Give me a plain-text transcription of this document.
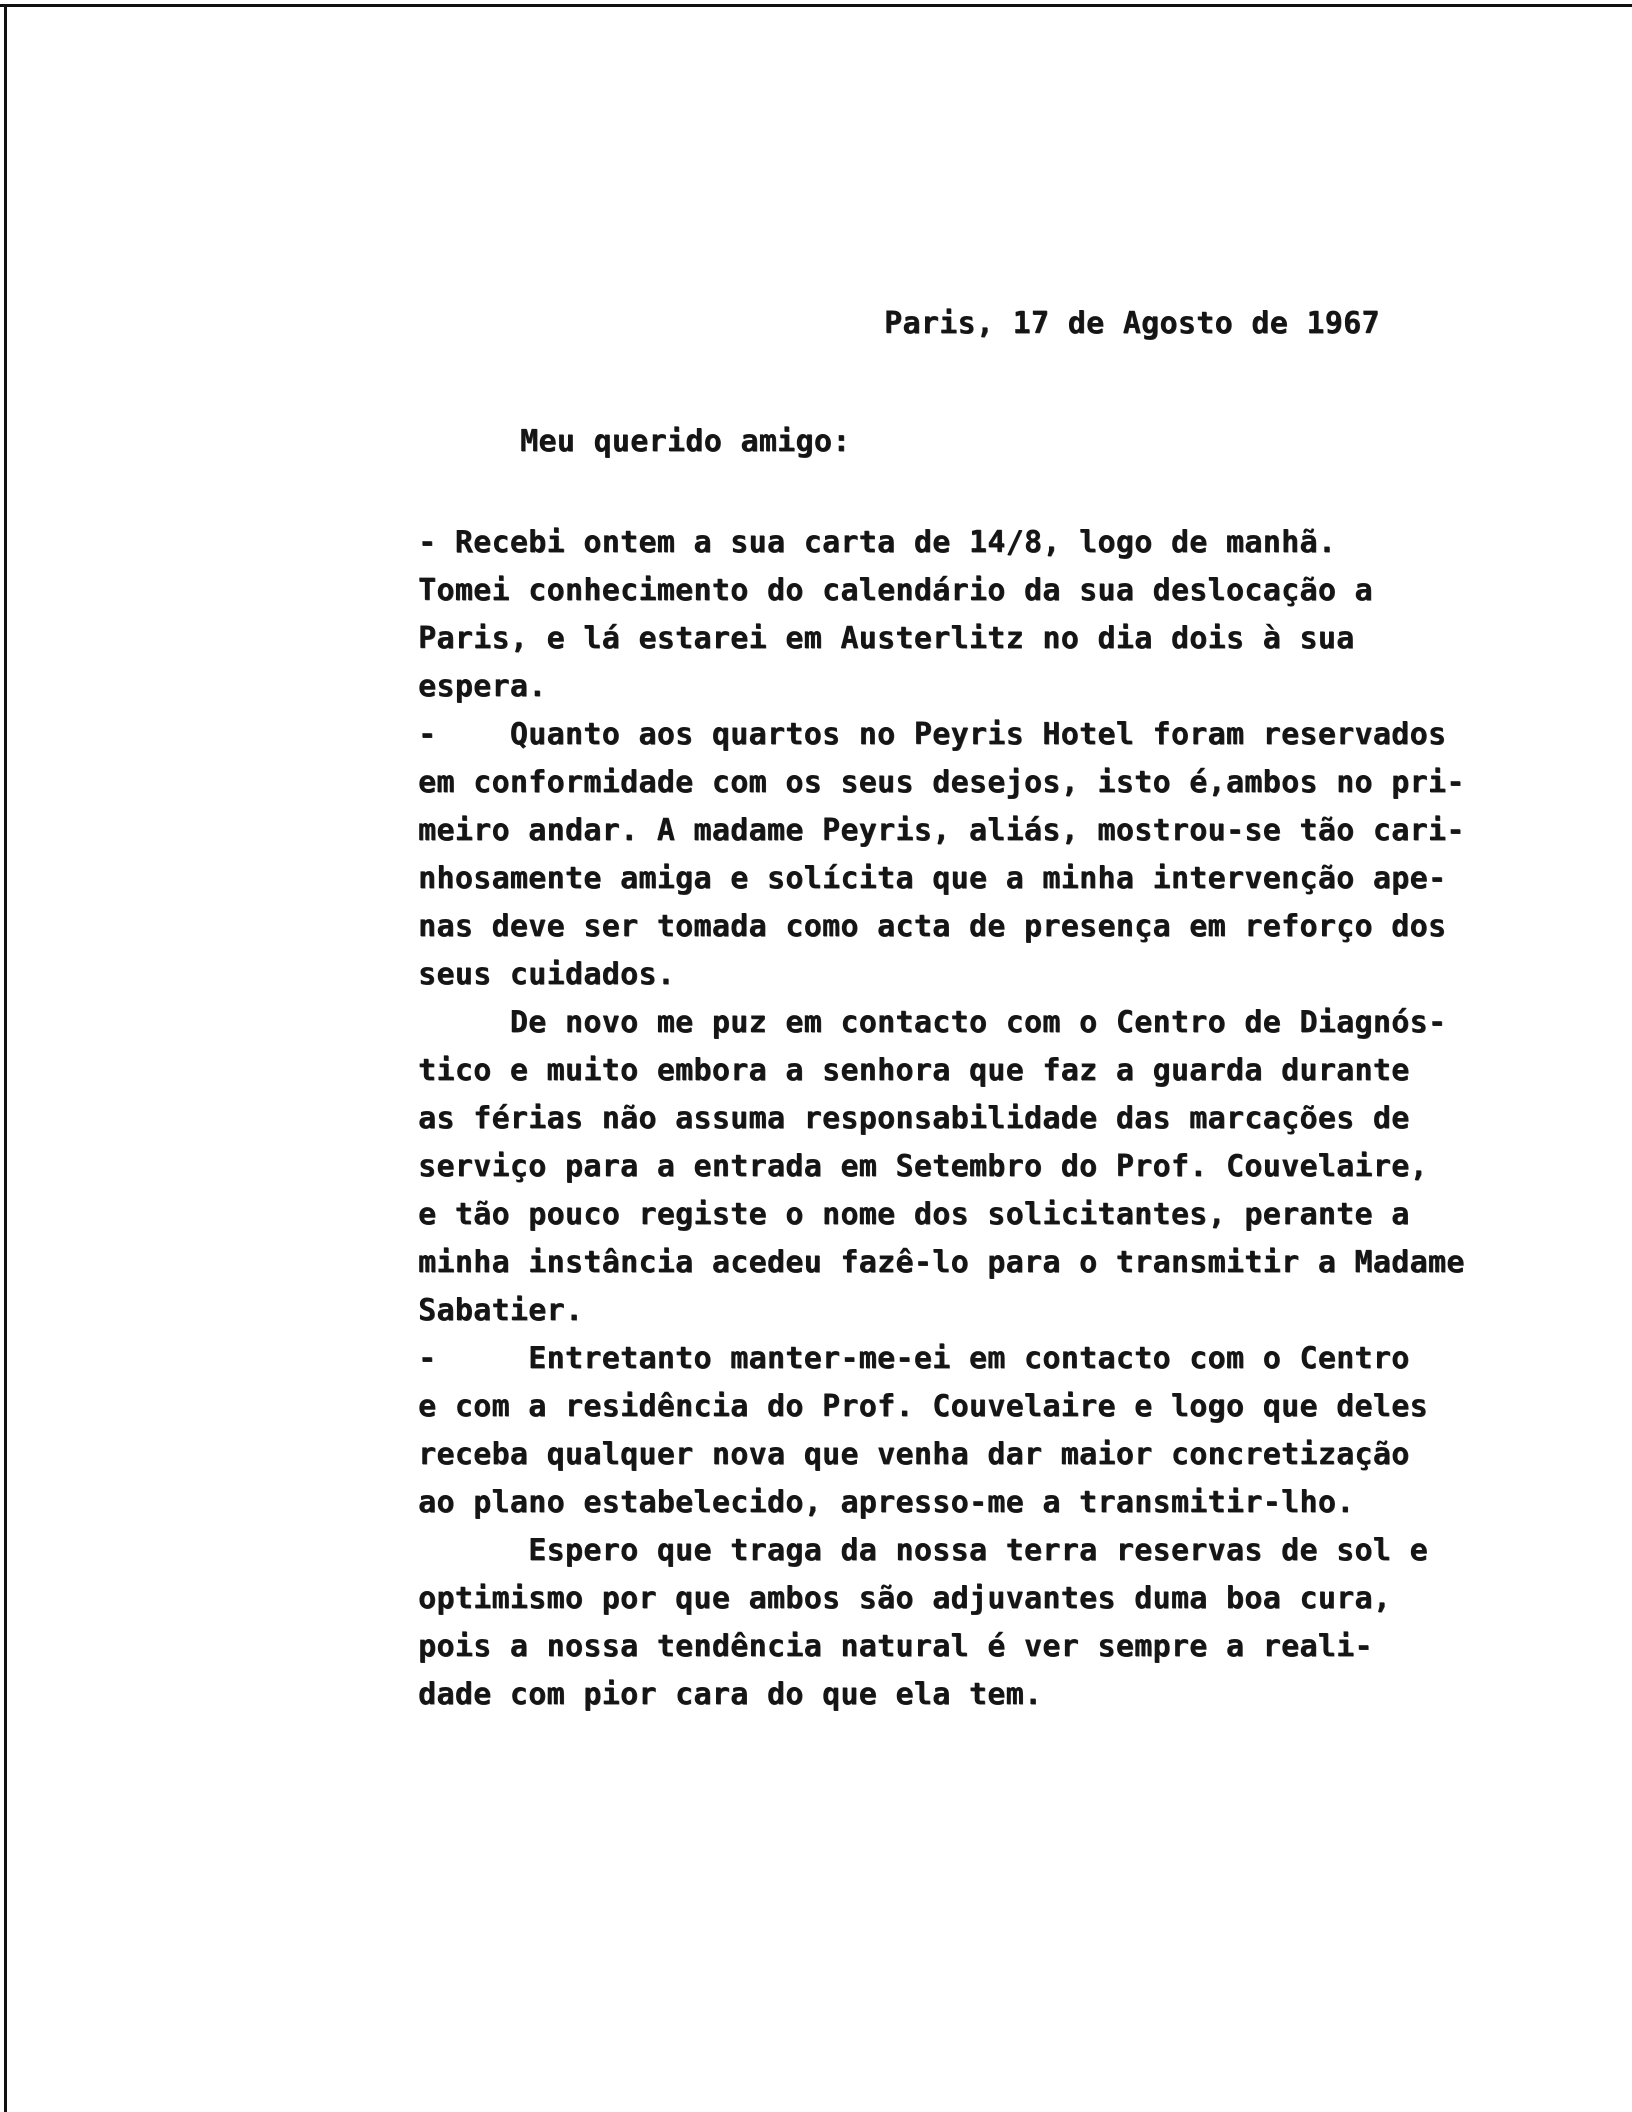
Paris, 17 de Agosto de 1967
Meu querido amigo:
- Recebi ontem a sua carta de 14/8, logo de manhã.
Tomei conhecimento do calendário da sua deslocação a
Paris, e lá estarei em Austerlitz no dia dois à sua
espera.
-    Quanto aos quartos no Peyris Hotel foram reservados
em conformidade com os seus desejos, isto é,ambos no pri-
meiro andar. A madame Peyris, aliás, mostrou-se tão cari-
nhosamente amiga e solícita que a minha intervenção ape-
nas deve ser tomada como acta de presença em reforço dos
seus cuidados.
De novo me puz em contacto com o Centro de Diagnós-
tico e muito embora a senhora que faz a guarda durante
as férias não assuma responsabilidade das marcações de
serviço para a entrada em Setembro do Prof. Couvelaire,
e tão pouco registe o nome dos solicitantes, perante a
minha instância acedeu fazê-lo para o transmitir a Madame
Sabatier.
-     Entretanto manter-me-ei em contacto com o Centro
e com a residência do Prof. Couvelaire e logo que deles
receba qualquer nova que venha dar maior concretização
ao plano estabelecido, apresso-me a transmitir-lho.
Espero que traga da nossa terra reservas de sol e
optimismo por que ambos são adjuvantes duma boa cura,
pois a nossa tendência natural é ver sempre a reali-
dade com pior cara do que ela tem.
